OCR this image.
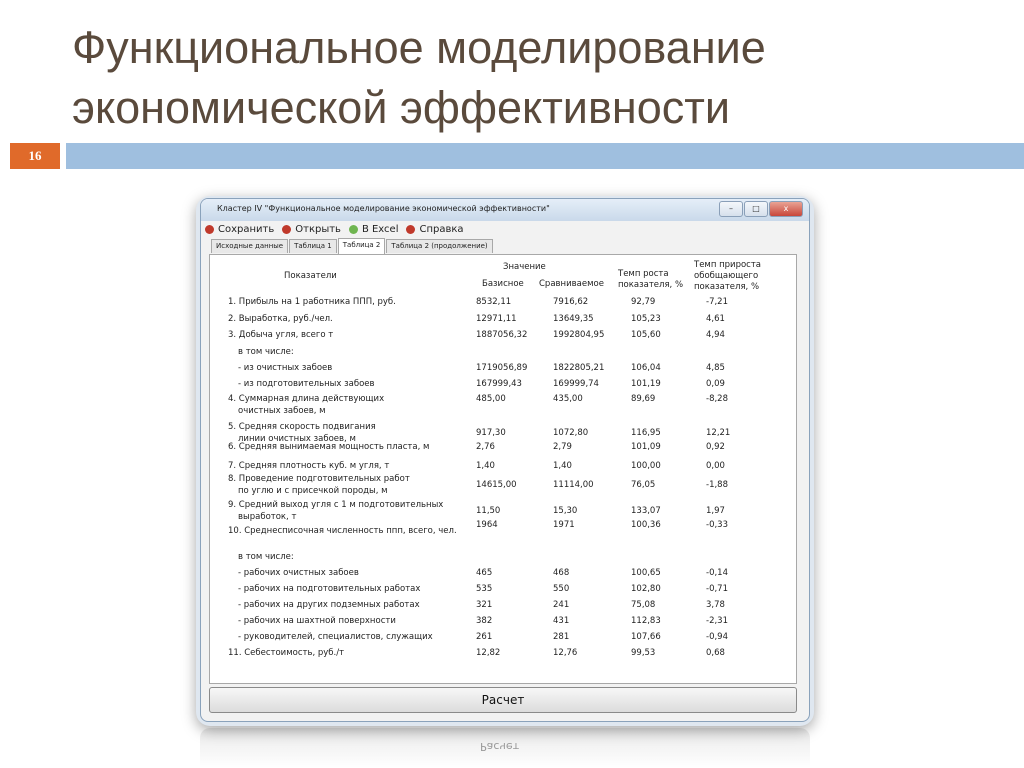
Функциональное моделирование
экономической эффективности
16
Кластер IV "Функциональное моделирование экономической эффективности"	–	□	x
Сохранить Открыть В Excel Справка
Исходные данные	Таблица 1	Таблица 2	Таблица 2 (продолжение)
Показатели
Значение
Базисное Сравниваемое
Темп роста
показателя, %
Темп прироста
обобщающего
показателя, %
1. Прибыль на 1 работника ППП, руб.	8532,11	7916,62	92,79	-7,21
2. Выработка, руб./чел.	12971,11	13649,35	105,23	4,61
3. Добыча угля, всего т	1887056,32	1992804,95	105,60	4,94
в том числе:
- из очистных забоев	1719056,89	1822805,21	106,04	4,85
- из подготовительных забоев	167999,43	169999,74	101,19	0,09
4. Суммарная длина действующих
очистных забоев, м
485,00	435,00	89,69	-8,28
5. Средняя скорость подвигания
линии очистных забоев, м
917,30	1072,80	116,95	12,21
6. Средняя вынимаемая мощность пласта, м	2,76	2,79	101,09	0,92
7. Средняя плотность куб. м угля, т	1,40	1,40	100,00	0,00
8. Проведение подготовительных работ
по углю и с присечкой породы, м
14615,00	11114,00	76,05	-1,88
9. Средний выход угля с 1 м подготовительных
выработок, т
11,50	15,30	133,07	1,97
10. Среднесписочная численность ппп, всего, чел.
1964	1971	100,36	-0,33
в том числе:
- рабочих очистных забоев	465	468	100,65	-0,14
- рабочих на подготовительных работах	535	550	102,80	-0,71
- рабочих на других подземных работах	321	241	75,08	3,78
- рабочих на шахтной поверхности	382	431	112,83	-2,31
- руководителей, специалистов, служащих	261	281	107,66	-0,94
11. Себестоимость, руб./т	12,82	12,76	99,53	0,68
Расчет
Расчет
